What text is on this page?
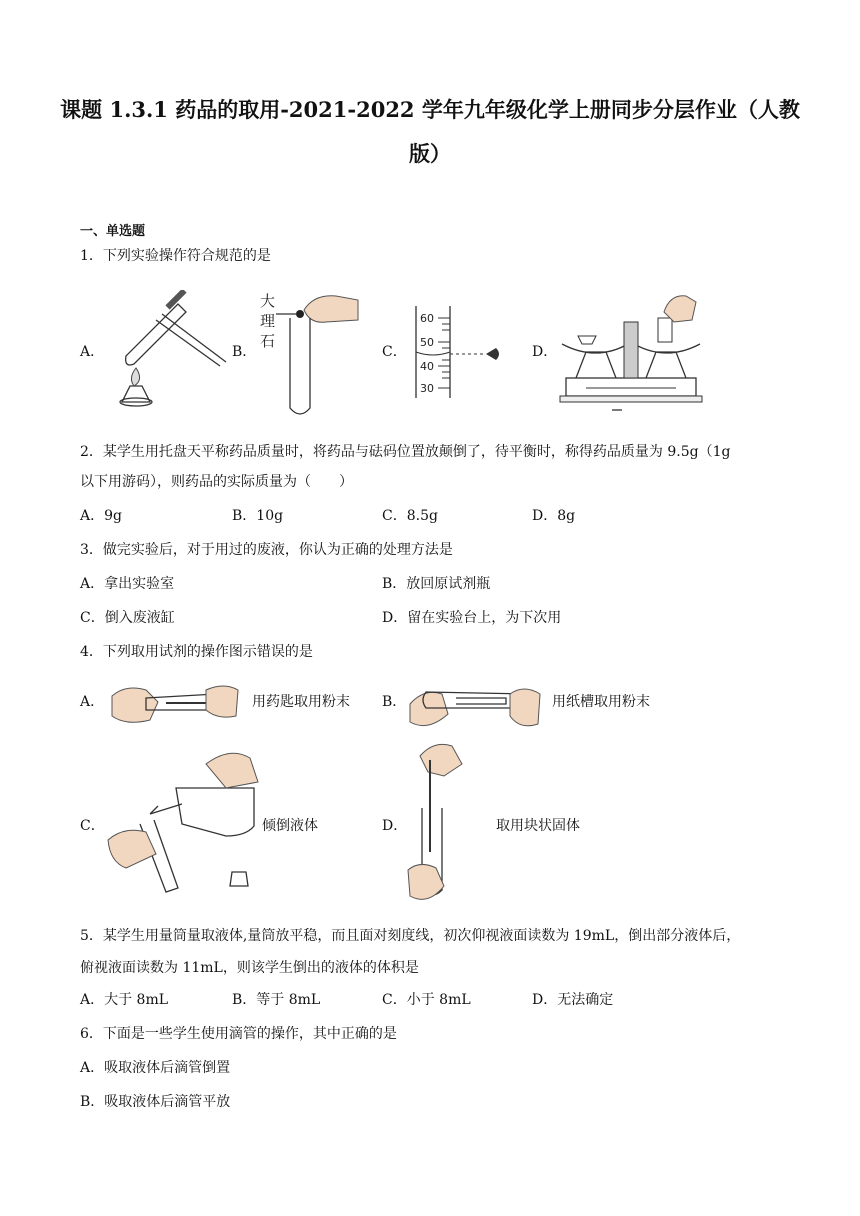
课题 1.3.1 药品的取用-2021-2022 学年九年级化学上册同步分层作业（人教版）
一、单选题
1．下列实验操作符合规范的是
A．	B．
大
理
石
C．
60
50
40
30
D．
2．某学生用托盘天平称药品质量时，将药品与砝码位置放颠倒了，待平衡时，称得药品质量为 9.5g（1g
以下用游码），则药品的实际质量为（　　）
A．9g	B．10g	C．8.5g	D．8g
3．做完实验后，对于用过的废液，你认为正确的处理方法是
A．拿出实验室	B．放回原试剂瓶
C．倒入废液缸	D．留在实验台上，为下次用
4．下列取用试剂的操作图示错误的是
A．	用药匙取用粉末 B．	用纸槽取用粉末
C．	倾倒液体	D．	取用块状固体
5．某学生用量筒量取液体,量筒放平稳，而且面对刻度线，初次仰视液面读数为 19mL，倒出部分液体后，
俯视液面读数为 11mL，则该学生倒出的液体的体积是
A．大于 8mL	B．等于 8mL	C．小于 8mL	D．无法确定
6．下面是一些学生使用滴管的操作，其中正确的是
A．吸取液体后滴管倒置
B．吸取液体后滴管平放
